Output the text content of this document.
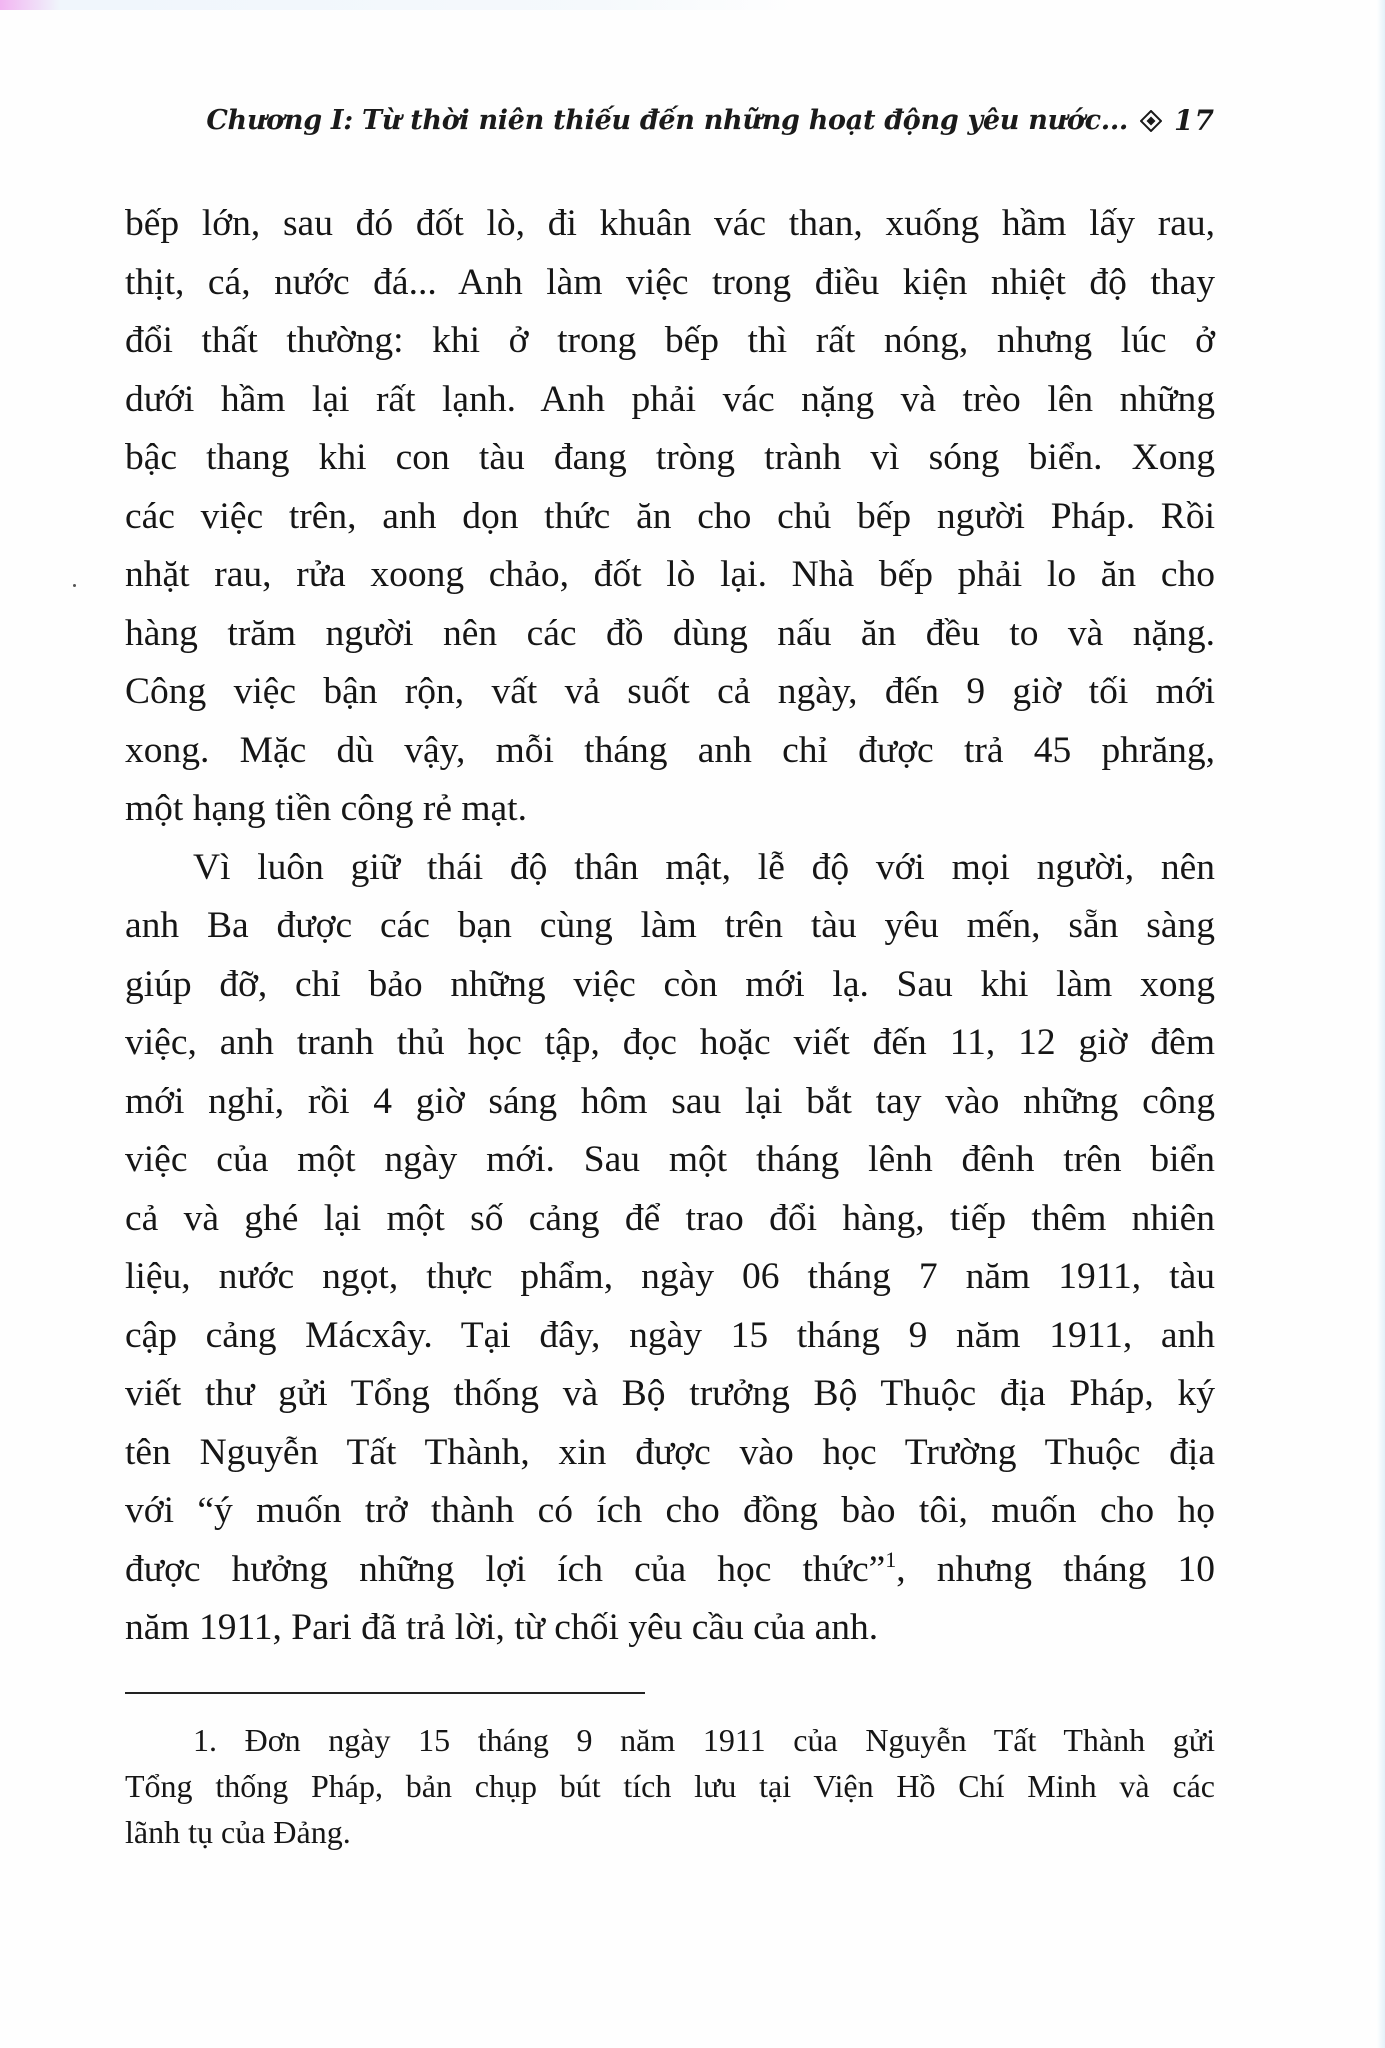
Chương I: Từ thời niên thiếu đến những hoạt động yêu nước... 17
bếp lớn, sau đó đốt lò, đi khuân vác than, xuống hầm lấy rau,
thịt, cá, nước đá... Anh làm việc trong điều kiện nhiệt độ thay
đổi thất thường: khi ở trong bếp thì rất nóng, nhưng lúc ở
dưới hầm lại rất lạnh. Anh phải vác nặng và trèo lên những
bậc thang khi con tàu đang tròng trành vì sóng biển. Xong
các việc trên, anh dọn thức ăn cho chủ bếp người Pháp. Rồi
nhặt rau, rửa xoong chảo, đốt lò lại. Nhà bếp phải lo ăn cho
hàng trăm người nên các đồ dùng nấu ăn đều to và nặng.
Công việc bận rộn, vất vả suốt cả ngày, đến 9 giờ tối mới
xong. Mặc dù vậy, mỗi tháng anh chỉ được trả 45 phrăng,
một hạng tiền công rẻ mạt.
Vì luôn giữ thái độ thân mật, lễ độ với mọi người, nên
anh Ba được các bạn cùng làm trên tàu yêu mến, sẵn sàng
giúp đỡ, chỉ bảo những việc còn mới lạ. Sau khi làm xong
việc, anh tranh thủ học tập, đọc hoặc viết đến 11, 12 giờ đêm
mới nghỉ, rồi 4 giờ sáng hôm sau lại bắt tay vào những công
việc của một ngày mới. Sau một tháng lênh đênh trên biển
cả và ghé lại một số cảng để trao đổi hàng, tiếp thêm nhiên
liệu, nước ngọt, thực phẩm, ngày 06 tháng 7 năm 1911, tàu
cập cảng Mácxây. Tại đây, ngày 15 tháng 9 năm 1911, anh
viết thư gửi Tổng thống và Bộ trưởng Bộ Thuộc địa Pháp, ký
tên Nguyễn Tất Thành, xin được vào học Trường Thuộc địa
với “ý muốn trở thành có ích cho đồng bào tôi, muốn cho họ
được hưởng những lợi ích của học thức”$^1$, nhưng tháng 10
năm 1911, Pari đã trả lời, từ chối yêu cầu của anh.
1. Đơn ngày 15 tháng 9 năm 1911 của Nguyễn Tất Thành gửi
Tổng thống Pháp, bản chụp bút tích lưu tại Viện Hồ Chí Minh và các
lãnh tụ của Đảng.
